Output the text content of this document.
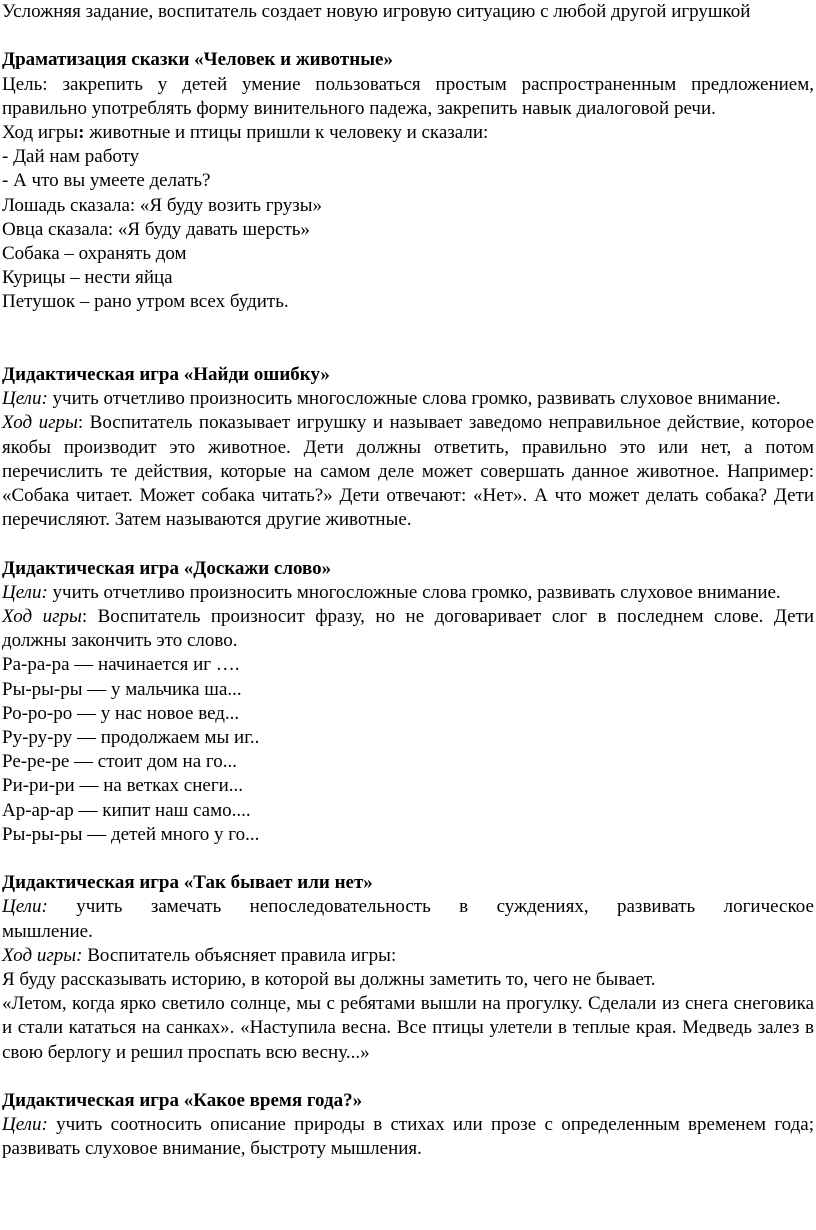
Усложняя задание, воспитатель создает новую игровую ситуацию с любой другой игрушкой

Драматизация сказки «Человек и животные»

Цель: закрепить у детей умение пользоваться простым распространенным предложением, правильно употреблять форму винительного падежа, закрепить навык диалоговой речи.

Ход игры: животные и птицы пришли к человеку и сказали:

- Дай нам работу

- А что вы умеете делать?

Лошадь сказала: «Я буду возить грузы»

Овца сказала: «Я буду давать шерсть»

Собака – охранять дом

Курицы – нести яйца

Петушок – рано утром всех будить.

Дидактическая игра «Найди ошибку»

Цели: учить отчетливо произносить многосложные слова громко, развивать слуховое внимание.

Ход игры: Воспитатель показывает игрушку и называет заведомо неправильное действие, которое якобы производит это животное. Дети должны ответить, правильно это или нет, а потом перечислить те действия, которые на самом деле может совершать данное животное. Например: «Собака читает. Может собака читать?» Дети отвечают: «Нет». А что может делать собака? Дети перечисляют. Затем называются другие животные.

Дидактическая игра «Доскажи слово»

Цели: учить отчетливо произносить многосложные слова громко, развивать слуховое внимание.

Ход игры: Воспитатель произносит фразу, но не договаривает слог в последнем слове. Дети должны закончить это слово.

Ра-ра-ра — начинается иг ….

Ры-ры-ры — у мальчика ша...

Ро-ро-ро — у нас новое вед...

Ру-ру-ру — продолжаем мы иг..

Ре-ре-ре — стоит дом на го...

Ри-ри-ри — на ветках снеги...

Ар-ар-ар — кипит наш само....

Ры-ры-ры — детей много у го...

Дидактическая игра «Так бывает или нет»

Цели: учить замечать непоследовательность в суждениях, развивать логическое

мышление.

Ход игры: Воспитатель объясняет правила игры:

Я буду рассказывать историю, в которой вы должны заметить то, чего не бывает.

«Летом, когда ярко светило солнце, мы с ребятами вышли на прогулку. Сделали из снега снеговика и стали кататься на санках». «Наступила весна. Все птицы улетели в теплые края. Медведь залез в свою берлогу и решил проспать всю весну...»

Дидактическая игра «Какое время года?»

Цели: учить соотносить описание природы в стихах или прозе с определенным временем года; развивать слуховое внимание, быстроту мышления.
